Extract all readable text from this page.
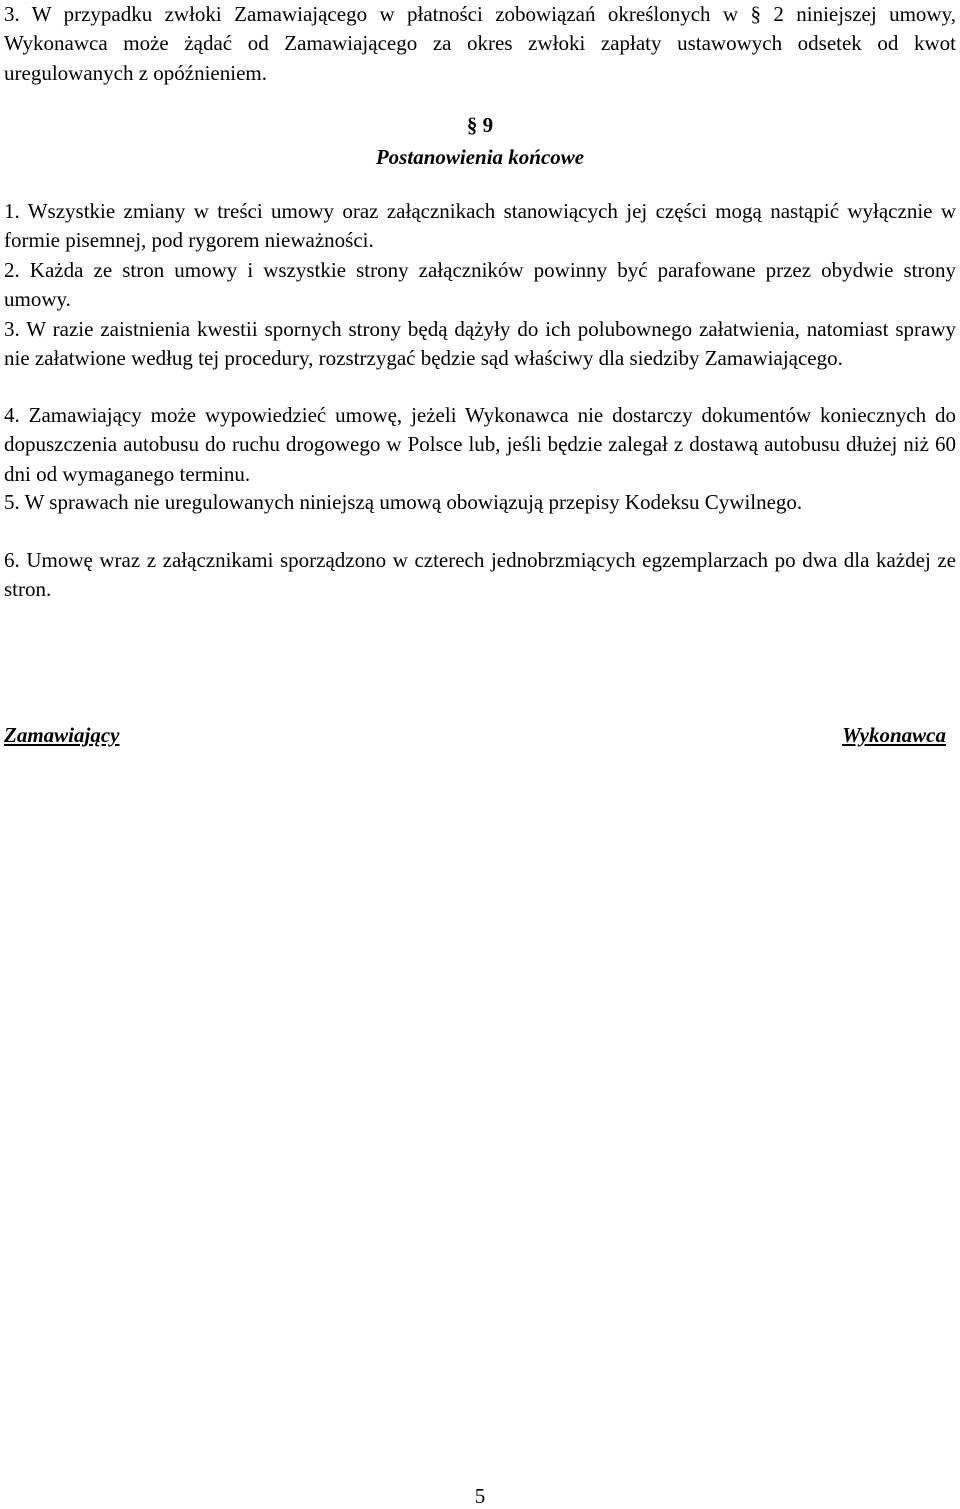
3. W przypadku zwłoki Zamawiającego w płatności zobowiązań określonych w § 2 niniejszej umowy, Wykonawca może żądać od Zamawiającego za okres zwłoki zapłaty ustawowych odsetek od kwot uregulowanych z opóźnieniem.

§ 9

Postanowienia końcowe

1. Wszystkie zmiany w treści umowy oraz załącznikach stanowiących jej części mogą nastąpić wyłącznie w formie pisemnej, pod rygorem nieważności.

2. Każda ze stron umowy i wszystkie strony załączników powinny być parafowane przez obydwie strony umowy.

3. W razie zaistnienia kwestii spornych strony będą dążyły do ich polubownego załatwienia, natomiast sprawy nie załatwione według tej procedury, rozstrzygać będzie sąd właściwy dla siedziby Zamawiającego.

4. Zamawiający może wypowiedzieć umowę, jeżeli Wykonawca nie dostarczy dokumentów koniecznych do dopuszczenia autobusu do ruchu drogowego w Polsce lub, jeśli będzie zalegał z dostawą autobusu dłużej niż 60 dni od wymaganego terminu.

5. W sprawach nie uregulowanych niniejszą umową obowiązują przepisy Kodeksu Cywilnego.

6. Umowę wraz z załącznikami sporządzono w czterech jednobrzmiących egzemplarzach po dwa dla każdej ze stron.

Zamawiający	Wykonawca

5
